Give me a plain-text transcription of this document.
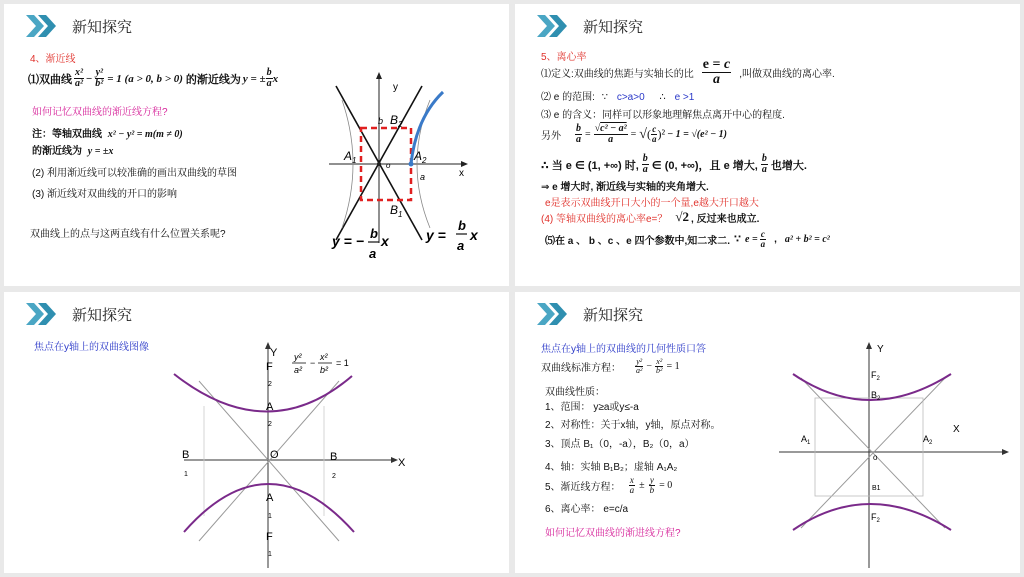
新知探究
4、渐近线
⑴双曲线 $\frac{\text{x²}}{\text{a²}} - \frac{\text{y²}}{\text{b²}} = 1$ (a > 0, b > 0) 的渐近线为 y = ± $\frac{b}{a}$ x
如何记忆双曲线的渐近线方程?
注：等轴双曲线 x² − y² = m(m ≠ 0)
的渐近线为 y = ±x
(2) 利用渐近线可以较准确的画出双曲线的草图
(3) 渐近线对双曲线的开口的影响
双曲线上的点与这两直线有什么位置关系呢?
y
x
$B_2$
$B_1$
$A_1$	$A_2$
b
a
o
y = − b
a
x	y =
b
a
x
新知探究
5、离心率
⑴定义:双曲线的焦距与实轴长的比 $\frac{e = c}{a}$ ,叫做双曲线的离心率.
⑵ e 的范围: ∵ c>a>0 ∴ e >1
⑶ e 的含义：同样可以形象地理解焦点离开中心的程度.
另外 $\frac{b}{a} = \frac{\text{√c² − a²}}{a}$ = √ ( $\frac{c}{a} )^2 - 1 = √(e^2 - 1)$
∴ 当 e ∈ (1, +∞) 时, $\frac{b}{a}$ ∈ (0, +∞)，且 e 增大, $\frac{b}{a}$ 也增大.
⇒ e 增大时, 渐近线与实轴的夹角增大.
e是表示双曲线开口大小的一个量,e越大开口越大
(4) 等轴双曲线的离心率e=？ √2 , 反过来也成立.
⑸在 a 、 b 、c 、e 四个参数中,知二求二. ∵ $e = \frac{c}{a}$ , a² + b² = c²
新知探究
焦点在y轴上的双曲线图像	Y
X
F
2
A
2
B
1
O	B
2
A
1
F
1
y²
a²
−
x²
b²
= 1
新知探究
焦点在y轴上的双曲线的几何性质口答
双曲线标准方程： $\frac{\text{y²}}{\text{a²}} - \frac{\text{x²}}{\text{b²}} = 1$
双曲线性质：
1、范围： y≥a或y≤-a
2、对称性：关于x轴，y轴，原点对称。
3、顶点 B₁（0，-a），B₂（0，a）
4、轴：实轴 B₁B₂；虚轴 A₁A₂
5、渐近线方程： $\frac{x}{a} \pm \frac{y}{b} = 0$
6、离心率： e=c/a
如何记忆双曲线的渐进线方程?
Y
X
$F_2$
$B_2$
$A_1$	$A_2$
o
B1
$F_2$
